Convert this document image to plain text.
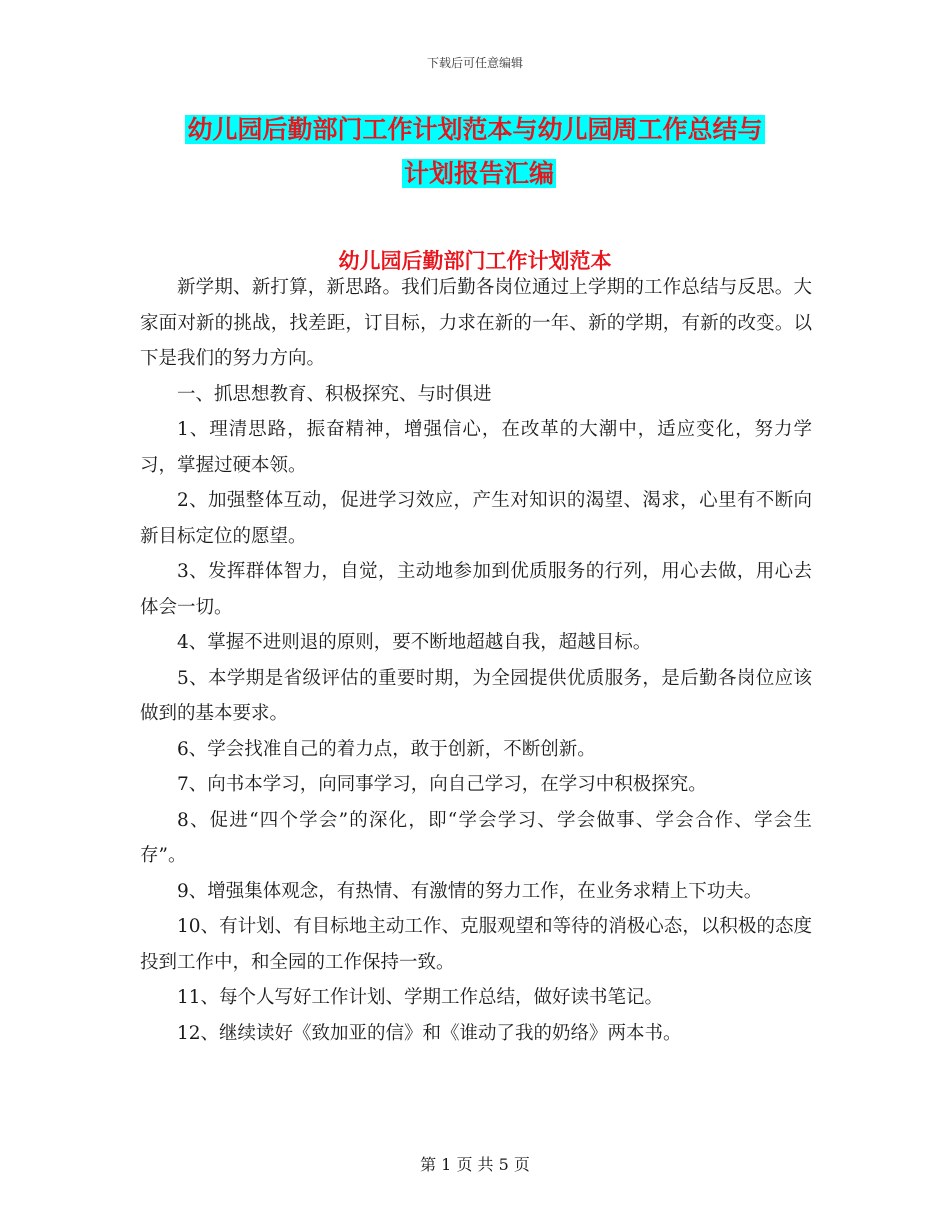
下载后可任意编辑
幼儿园后勤部门工作计划范本与幼儿园周工作总结与
计划报告汇编
幼儿园后勤部门工作计划范本

新学期、新打算，新思路。我们后勤各岗位通过上学期的工作总结与反思。大家面对新的挑战，找差距，订目标，力求在新的一年、新的学期，有新的改变。以下是我们的努力方向。

一、抓思想教育、积极探究、与时俱进

1、理清思路，振奋精神，增强信心，在改革的大潮中，适应变化，努力学习，掌握过硬本领。

2、加强整体互动，促进学习效应，产生对知识的渴望、渴求，心里有不断向新目标定位的愿望。

3、发挥群体智力，自觉，主动地参加到优质服务的行列，用心去做，用心去体会一切。

4、掌握不进则退的原则，要不断地超越自我，超越目标。

5、本学期是省级评估的重要时期，为全园提供优质服务，是后勤各岗位应该做到的基本要求。

6、学会找准自己的着力点，敢于创新，不断创新。

7、向书本学习，向同事学习，向自己学习，在学习中积极探究。

8、促进“四个学会”的深化，即“学会学习、学会做事、学会合作、学会生存”。

9、增强集体观念，有热情、有激情的努力工作，在业务求精上下功夫。

10、有计划、有目标地主动工作、克服观望和等待的消极心态，以积极的态度投到工作中，和全园的工作保持一致。

11、每个人写好工作计划、学期工作总结，做好读书笔记。

12、继续读好《致加亚的信》和《谁动了我的奶络》两本书。

第 1 页 共 5 页
